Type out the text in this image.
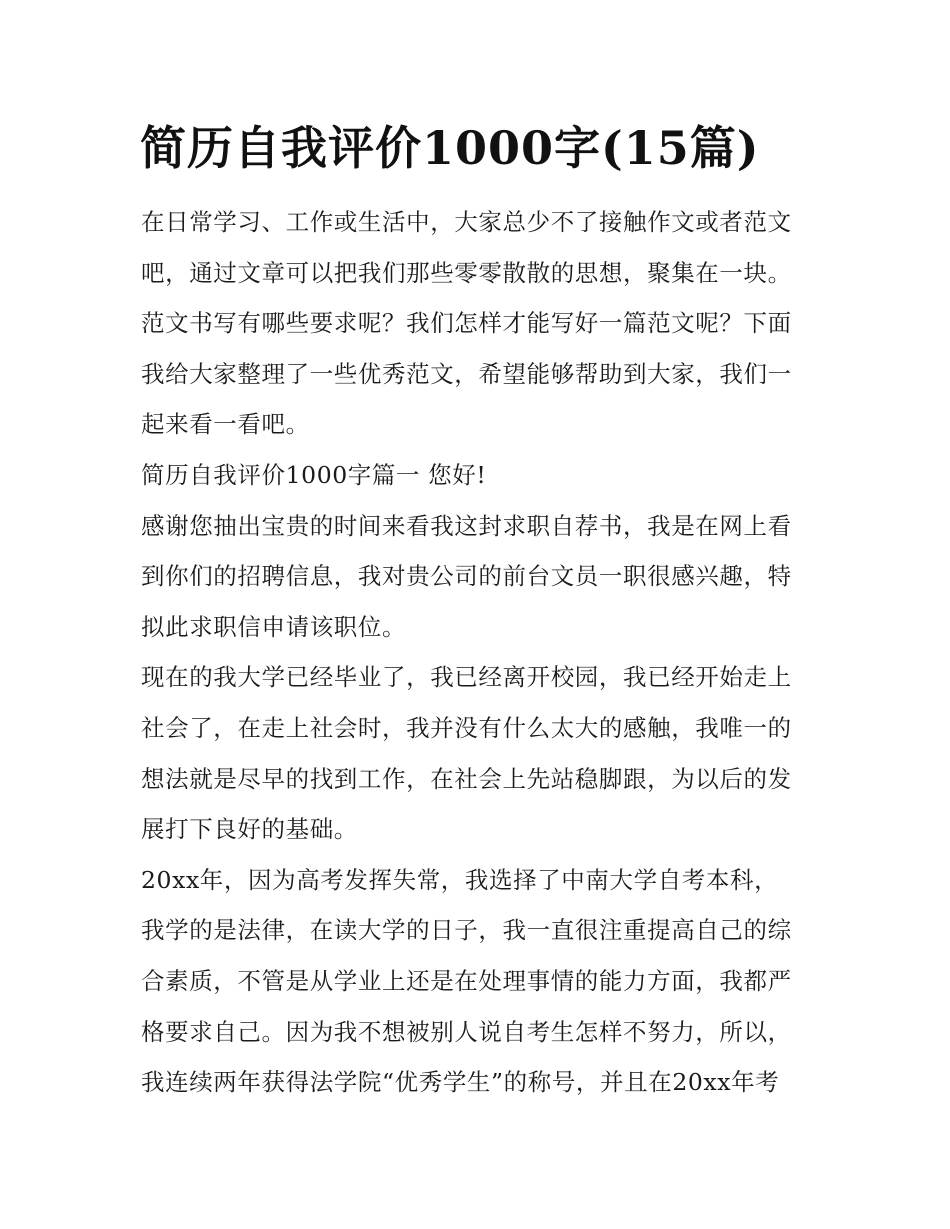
简历自我评价1000字(15篇)
在日常学习、工作或生活中，大家总少不了接触作文或者范文
吧，通过文章可以把我们那些零零散散的思想，聚集在一块。
范文书写有哪些要求呢？我们怎样才能写好一篇范文呢？下面
我给大家整理了一些优秀范文，希望能够帮助到大家，我们一
起来看一看吧。
简历自我评价1000字篇一 您好!
感谢您抽出宝贵的时间来看我这封求职自荐书，我是在网上看
到你们的招聘信息，我对贵公司的前台文员一职很感兴趣，特
拟此求职信申请该职位。
现在的我大学已经毕业了，我已经离开校园，我已经开始走上
社会了，在走上社会时，我并没有什么太大的感触，我唯一的
想法就是尽早的找到工作，在社会上先站稳脚跟，为以后的发
展打下良好的基础。
20xx年，因为高考发挥失常，我选择了中南大学自考本科，
我学的是法律，在读大学的日子，我一直很注重提高自己的综
合素质，不管是从学业上还是在处理事情的能力方面，我都严
格要求自己。因为我不想被别人说自考生怎样不努力，所以，
我连续两年获得法学院“优秀学生”的称号，并且在20xx年考
